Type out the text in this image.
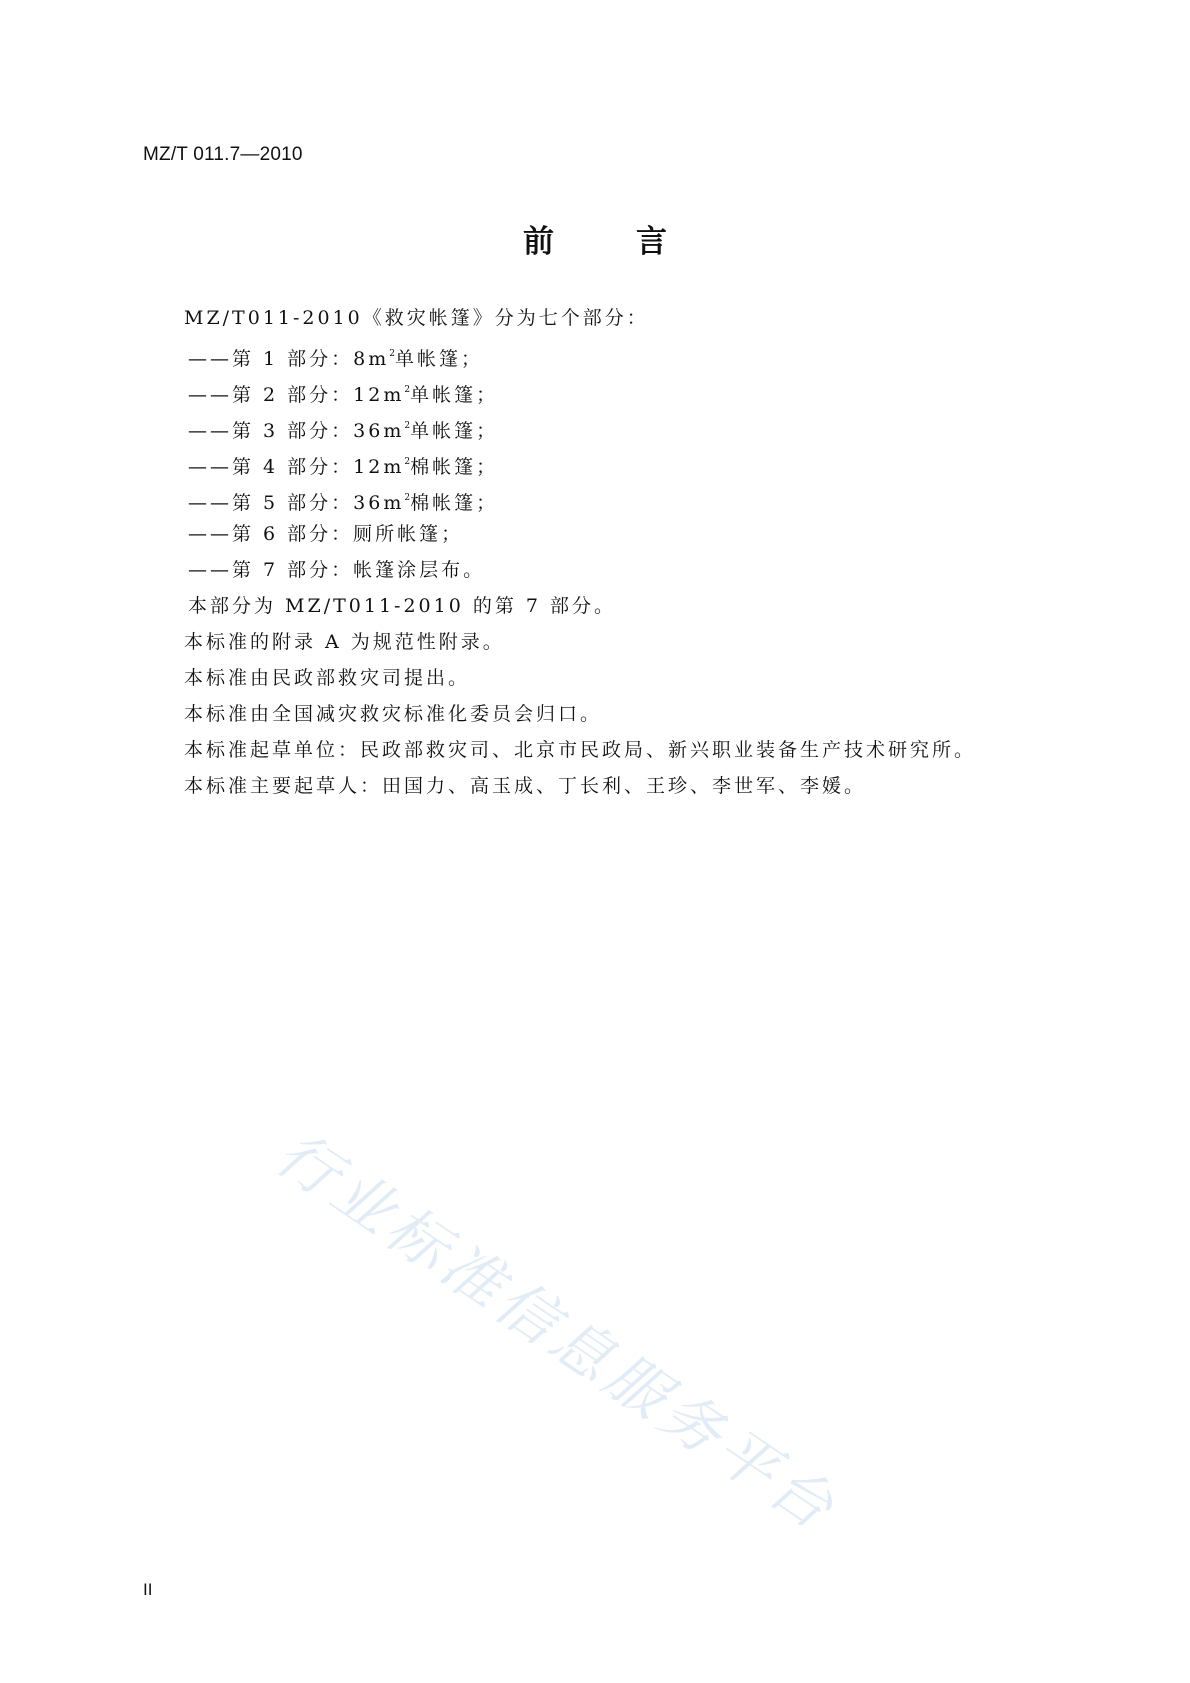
MZ/T 011.7—2010
前	言
MZ/T011-2010《救灾帐篷》分为七个部分：
——第 1 部分：$8m^2$单帐篷；
——第 2 部分：$12m^2$单帐篷；
——第 3 部分：$36m^2$单帐篷；
——第 4 部分：$12m^2$棉帐篷；
——第 5 部分：$36m^2$棉帐篷；
——第 6 部分：厕所帐篷；
——第 7 部分：帐篷涂层布。
本部分为 MZ/T011-2010 的第 7 部分。
本标准的附录 A 为规范性附录。
本标准由民政部救灾司提出。
本标准由全国减灾救灾标准化委员会归口。
本标准起草单位：民政部救灾司、北京市民政局、新兴职业装备生产技术研究所。
本标准主要起草人：田国力、高玉成、丁长利、王珍、李世军、李媛。
行业标准信息服务平台
II
